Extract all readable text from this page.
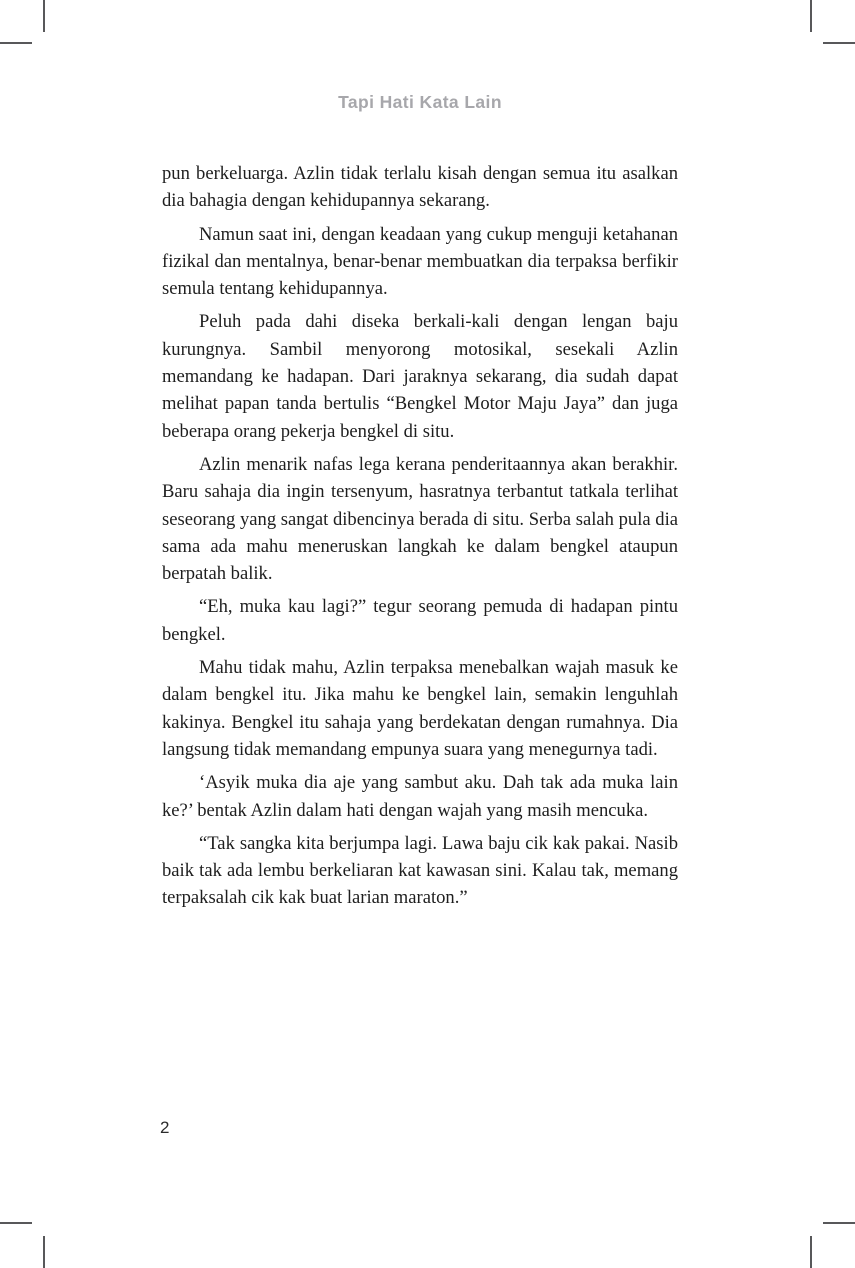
Tapi Hati Kata Lain

pun berkeluarga. Azlin tidak terlalu kisah dengan semua itu asalkan dia bahagia dengan kehidupannya sekarang.

Namun saat ini, dengan keadaan yang cukup menguji ketahanan fizikal dan mentalnya, benar-benar membuatkan dia terpaksa berfikir semula tentang kehidupannya.

Peluh pada dahi diseka berkali-kali dengan lengan baju kurungnya. Sambil menyorong motosikal, sesekali Azlin memandang ke hadapan. Dari jaraknya sekarang, dia sudah dapat melihat papan tanda bertulis “Bengkel Motor Maju Jaya” dan juga beberapa orang pekerja bengkel di situ.

Azlin menarik nafas lega kerana penderitaannya akan berakhir. Baru sahaja dia ingin tersenyum, hasratnya terbantut tatkala terlihat seseorang yang sangat dibencinya berada di situ. Serba salah pula dia sama ada mahu meneruskan langkah ke dalam bengkel ataupun berpatah balik.

“Eh, muka kau lagi?” tegur seorang pemuda di hadapan pintu bengkel.

Mahu tidak mahu, Azlin terpaksa menebalkan wajah masuk ke dalam bengkel itu. Jika mahu ke bengkel lain, semakin lenguhlah kakinya. Bengkel itu sahaja yang berdekatan dengan rumahnya. Dia langsung tidak memandang empunya suara yang menegurnya tadi.

‘Asyik muka dia aje yang sambut aku. Dah tak ada muka lain ke?’ bentak Azlin dalam hati dengan wajah yang masih mencuka.

“Tak sangka kita berjumpa lagi. Lawa baju cik kak pakai. Nasib baik tak ada lembu berkeliaran kat kawasan sini. Kalau tak, memang terpaksalah cik kak buat larian maraton.”

2
